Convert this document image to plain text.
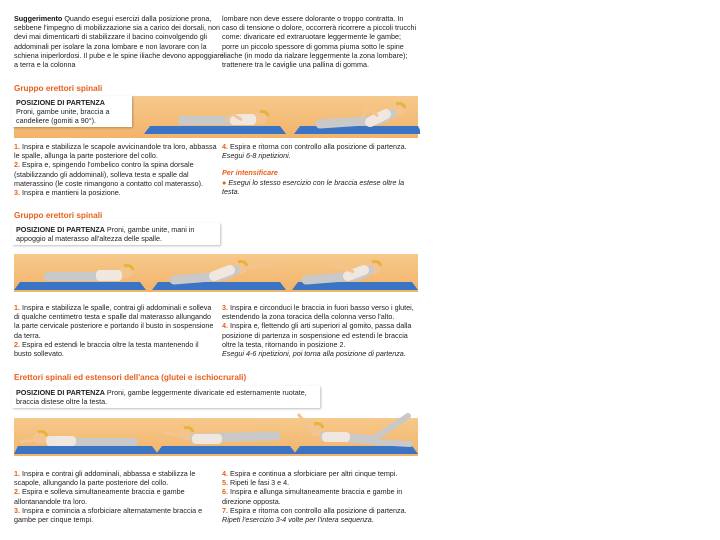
Suggerimento Quando esegui esercizi dalla posizione prona, sebbene l'impegno di mobilizzazione sia a carico dei dorsali, non devi mai dimenticarti di stabilizzare il bacino coinvolgendo gli addominali per isolare la zona lombare e non lavorare con la schiena iniperlordosi. Il pube e le spine iliache devono appoggiare a terra e la colonna

lombare non deve essere dolorante o troppo contratta. In caso di tensione o dolore, occorrerà ricorrere a piccoli trucchi come: divaricare ed extraruotare leggermente le gambe; porre un piccolo spessore di gomma piuma sotto le spine iliache (in modo da rialzare leggermente la zona lombare); trattenere tra le caviglie una pallina di gomma.

Gruppo erettori spinali
POSIZIONE DI PARTENZA
Proni, gambe unite, braccia a candeliere (gomiti a 90°).

1. Inspira e stabilizza le scapole avvicinandole tra loro, abbassa le spalle, allunga la parte posteriore del collo.

2. Espira e, spingendo l'ombelico contro la spina dorsale (stabilizzando gli addominali), solleva testa e spalle dal materassino (le coste rimangono a contatto col materasso).

3. Inspira e mantieni la posizione.

4. Espira e ritorna con controllo alla posizione di partenza.

Esegui 6-8 ripetizioni.

Per intensificare

● Esegui lo stesso esercizio con le braccia estese oltre la testa.

Gruppo erettori spinali
POSIZIONE DI PARTENZA Proni, gambe unite, mani in appoggio al materasso all'altezza delle spalle.

1. Inspira e stabilizza le spalle, contrai gli addominali e solleva di qualche centimetro testa e spalle dal materasso allungando la parte cervicale posteriore e portando il busto in sospensione da terra.

2. Espira ed estendi le braccia oltre la testa mantenendo il busto sollevato.

3. Inspira e circonduci le braccia in fuori basso verso i glutei, estendendo la zona toracica della colonna verso l'alto.

4. Inspira e, flettendo gli arti superiori al gomito, passa dalla posizione di partenza in sospensione ed estendi le braccia oltre la testa, ritornando in posizione 2.

Esegui 4-6 ripetizioni, poi torna alla posizione di partenza.

Erettori spinali ed estensori dell'anca (glutei e ischiocrurali)
POSIZIONE DI PARTENZA Proni, gambe leggermente divaricate ed esternamente ruotate, braccia distese oltre la testa.

1. Inspira e contrai gli addominali, abbassa e stabilizza le scapole, allungando la parte posteriore del collo.

2. Espira e solleva simultaneamente braccia e gambe allontanandole tra loro.

3. Inspira e comincia a sforbiciare alternatamente braccia e gambe per cinque tempi.

4. Espira e continua a sforbiciare per altri cinque tempi.

5. Ripeti le fasi 3 e 4.

6. Inspira e allunga simultaneamente braccia e gambe in direzione opposta.

7. Espira e ritorna con controllo alla posizione di partenza.

Ripeti l'esercizio 3-4 volte per l'intera sequenza.
